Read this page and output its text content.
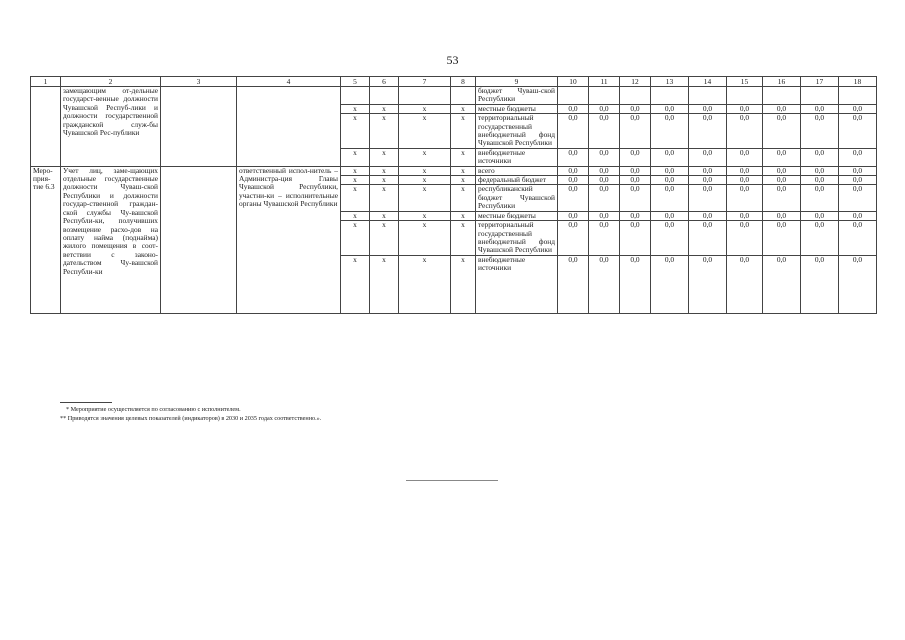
53
1	2	3	4	5	6	7	8	9	10	11	12	13	14	15	16	17	18
	замещающим от-дельные государст-венные должности Чувашской Респуб-лики и должности государственной гражданской служ-бы Чувашской Рес-публики							бюджет Чуваш-ской Республики									
				x	x	x	x	местные бюджеты	0,0	0,0	0,0	0,0	0,0	0,0	0,0	0,0	0,0
				x	x	x	x	территориальный государственный внебюджетный фонд Чувашской Республики	0,0	0,0	0,0	0,0	0,0	0,0	0,0	0,0	0,0
				x	x	x	x	внебюджетные источники	0,0	0,0	0,0	0,0	0,0	0,0	0,0	0,0	0,0
Меро-прия-тие 6.3	Учет лиц, заме-щающих отдельные государственные должности Чуваш-ской Республики и должности государ-ственной граждан-ской службы Чу-вашской Республи-ки, получивших возмещение расхо-дов на оплату найма (поднайма) жилого помещения в соот-ветствии с законо-дательством Чу-вашской Республи-ки		ответственный испол-нитель – Администра-ция Главы Чувашской Республики, участни-ки – исполнительные органы Чувашской Республики	x	x	x	x	всего	0,0	0,0	0,0	0,0	0,0	0,0	0,0	0,0	0,0
				x	x	x	x	федеральный бюджет	0,0	0,0	0,0	0,0	0,0	0,0	0,0	0,0	0,0
				x	x	x	x	республиканский бюджет Чувашской Республики	0,0	0,0	0,0	0,0	0,0	0,0	0,0	0,0	0,0
				x	x	x	x	местные бюджеты	0,0	0,0	0,0	0,0	0,0	0,0	0,0	0,0	0,0
				x	x	x	x	территориальный государственный внебюджетный фонд Чувашской Республики	0,0	0,0	0,0	0,0	0,0	0,0	0,0	0,0	0,0
				x	x	x	x	внебюджетные источники	0,0	0,0	0,0	0,0	0,0	0,0	0,0	0,0	0,0
* Мероприятие осуществляется по согласованию с исполнителем.
** Приводятся значения целевых показателей (индикаторов) в 2030 и 2035 годах соответственно.».
